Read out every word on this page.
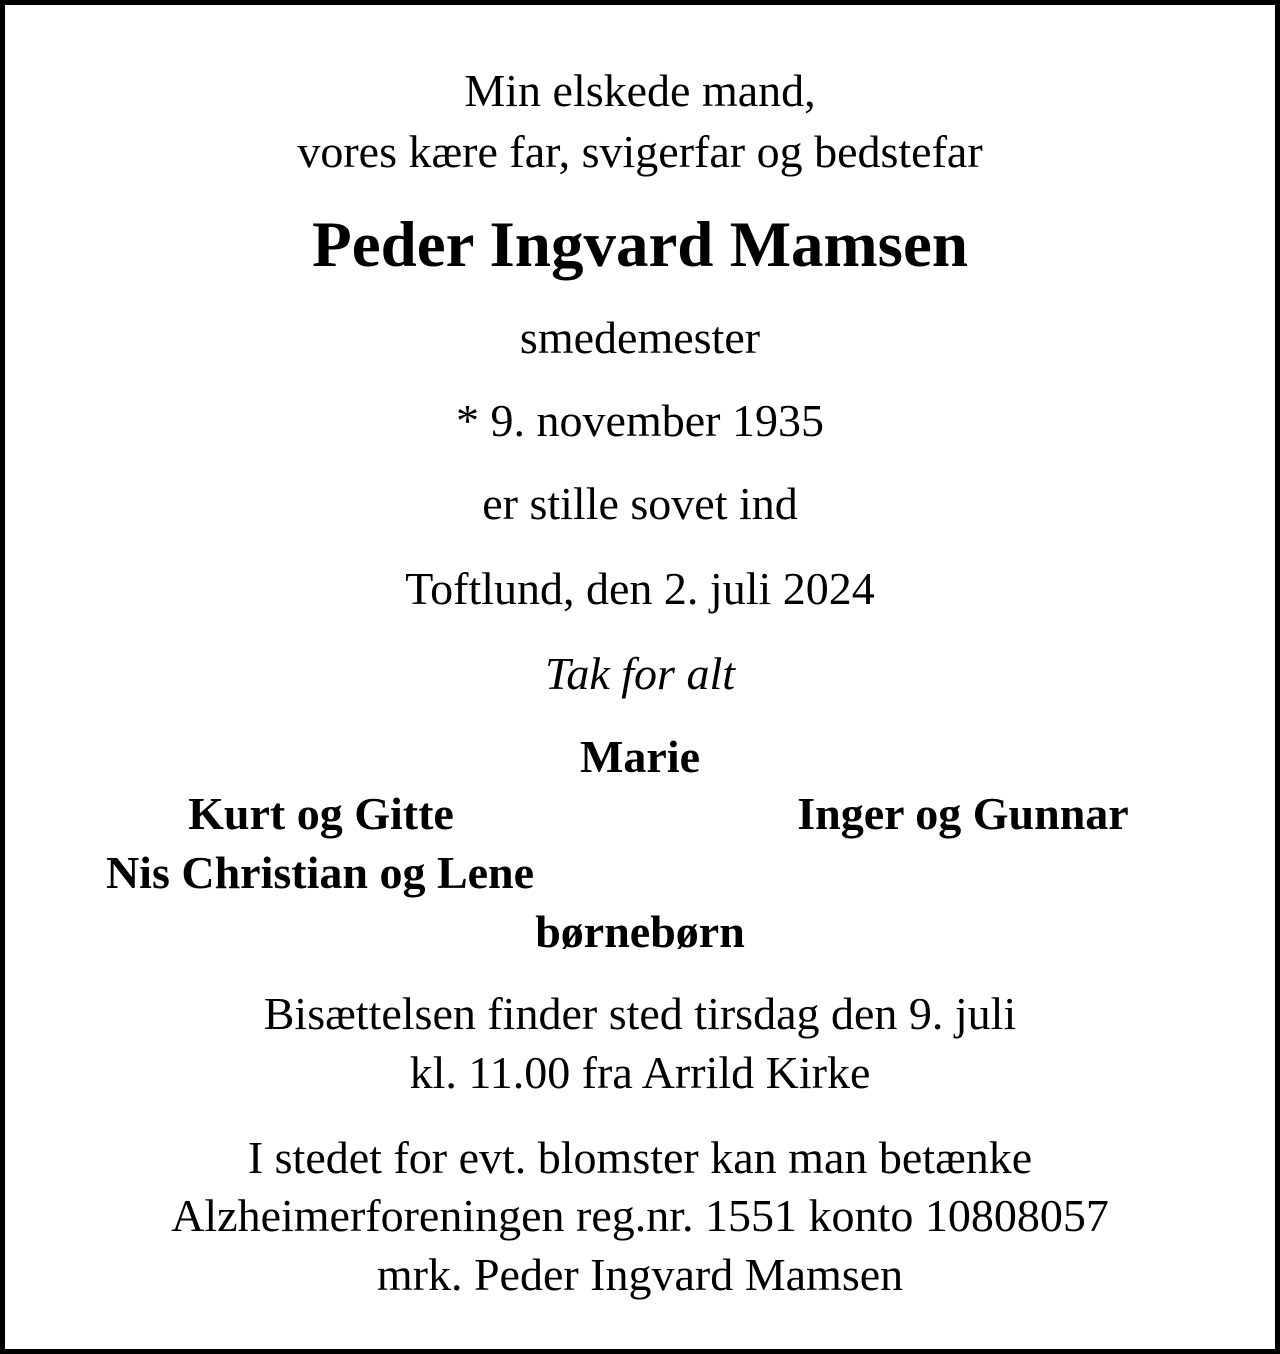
Min elskede mand,
vores kære far, svigerfar og bedstefar
Peder Ingvard Mamsen
smedemester
* 9. november 1935
er stille sovet ind
Toftlund, den 2. juli 2024
Tak for alt
Marie
Kurt og Gitte	Inger og Gunnar
Nis Christian og Lene
børnebørn
Bisættelsen finder sted tirsdag den 9. juli
kl. 11.00 fra Arrild Kirke
I stedet for evt. blomster kan man betænke
Alzheimerforeningen reg.nr. 1551 konto 10808057
mrk. Peder Ingvard Mamsen
